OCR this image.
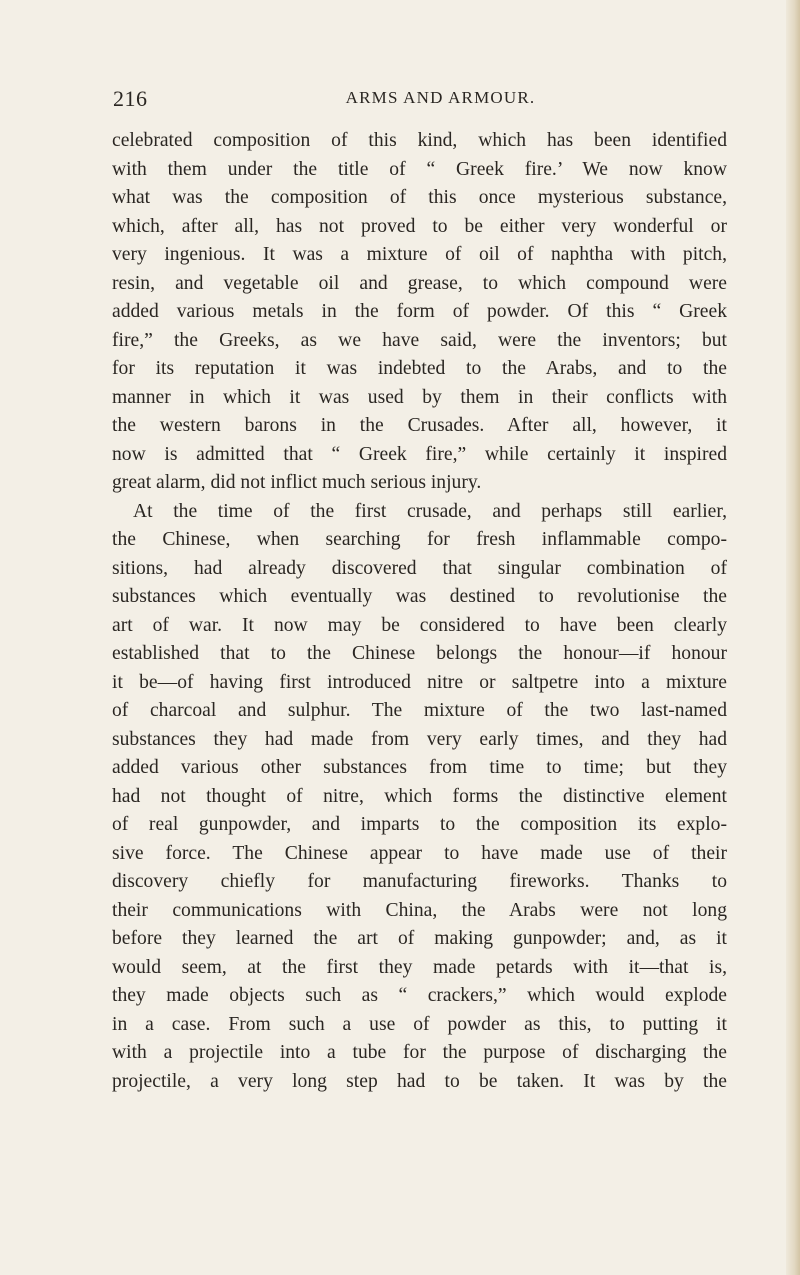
216	ARMS AND ARMOUR.
celebrated composition of this kind, which has been identified
with them under the title of “ Greek fire.’ We now know
what was the composition of this once mysterious substance,
which, after all, has not proved to be either very wonderful or
very ingenious. It was a mixture of oil of naphtha with pitch,
resin, and vegetable oil and grease, to which compound were
added various metals in the form of powder. Of this “ Greek
fire,” the Greeks, as we have said, were the inventors; but
for its reputation it was indebted to the Arabs, and to the
manner in which it was used by them in their conflicts with
the western barons in the Crusades. After all, however, it
now is admitted that “ Greek fire,” while certainly it inspired
great alarm, did not inflict much serious injury.
At the time of the first crusade, and perhaps still earlier,
the Chinese, when searching for fresh inflammable compo-
sitions, had already discovered that singular combination of
substances which eventually was destined to revolutionise the
art of war. It now may be considered to have been clearly
established that to the Chinese belongs the honour—if honour
it be—of having first introduced nitre or saltpetre into a mixture
of charcoal and sulphur. The mixture of the two last-named
substances they had made from very early times, and they had
added various other substances from time to time; but they
had not thought of nitre, which forms the distinctive element
of real gunpowder, and imparts to the composition its explo-
sive force. The Chinese appear to have made use of their
discovery chiefly for manufacturing fireworks. Thanks to
their communications with China, the Arabs were not long
before they learned the art of making gunpowder; and, as it
would seem, at the first they made petards with it—that is,
they made objects such as “ crackers,” which would explode
in a case. From such a use of powder as this, to putting it
with a projectile into a tube for the purpose of discharging the
projectile, a very long step had to be taken. It was by the
